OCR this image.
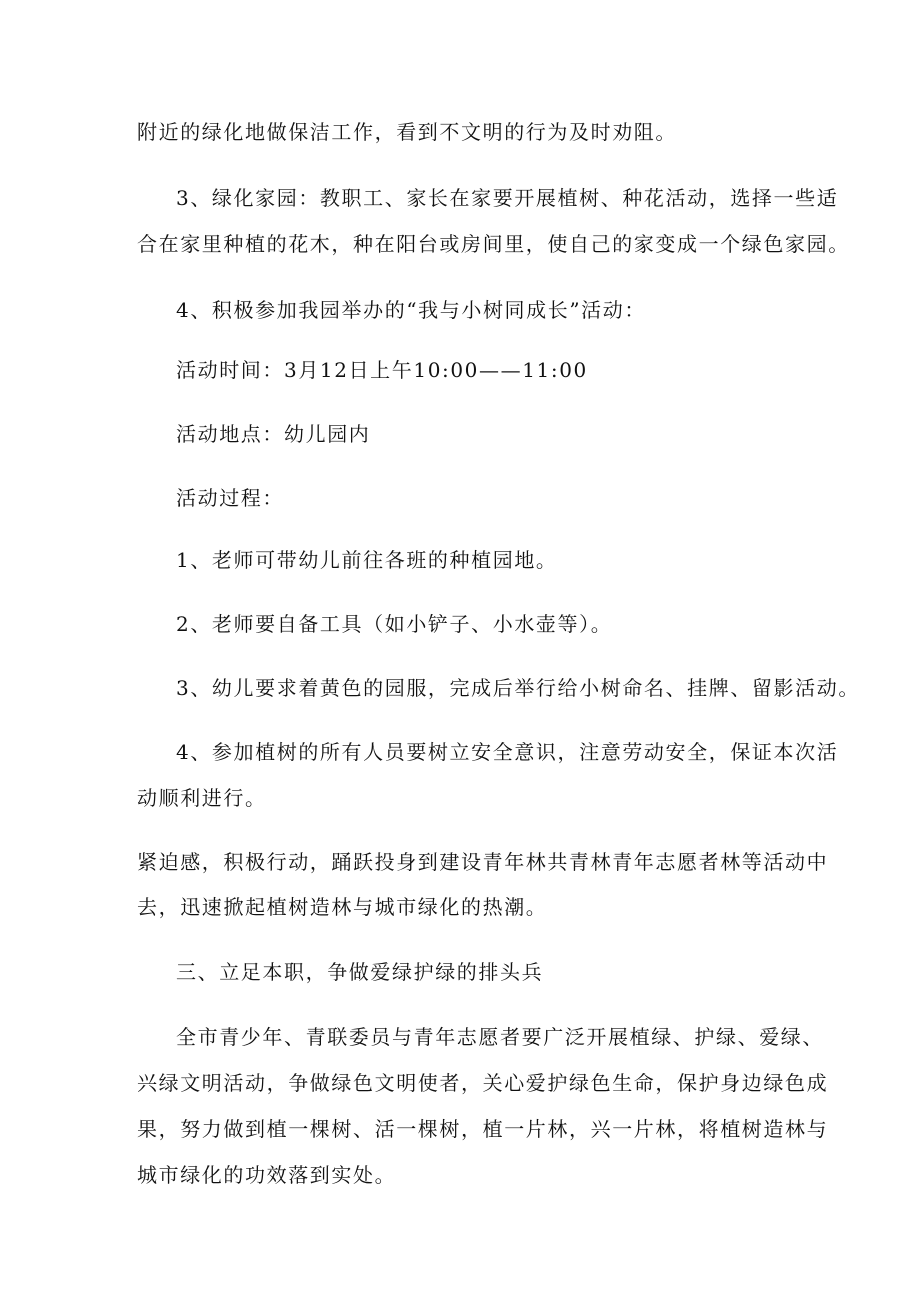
附近的绿化地做保洁工作，看到不文明的行为及时劝阻。
3、绿化家园：教职工、家长在家要开展植树、种花活动，选择一些适
合在家里种植的花木，种在阳台或房间里，使自己的家变成一个绿色家园。
4、积极参加我园举办的“我与小树同成长”活动：
活动时间：3月12日上午10:00——11:00
活动地点：幼儿园内
活动过程：
1、老师可带幼儿前往各班的种植园地。
2、老师要自备工具（如小铲子、小水壶等）。
3、幼儿要求着黄色的园服，完成后举行给小树命名、挂牌、留影活动。
4、参加植树的所有人员要树立安全意识，注意劳动安全，保证本次活
动顺利进行。
紧迫感，积极行动，踊跃投身到建设青年林共青林青年志愿者林等活动中
去，迅速掀起植树造林与城市绿化的热潮。
三、立足本职，争做爱绿护绿的排头兵
全市青少年、青联委员与青年志愿者要广泛开展植绿、护绿、爱绿、
兴绿文明活动，争做绿色文明使者，关心爱护绿色生命，保护身边绿色成
果，努力做到植一棵树、活一棵树，植一片林，兴一片林，将植树造林与
城市绿化的功效落到实处。
